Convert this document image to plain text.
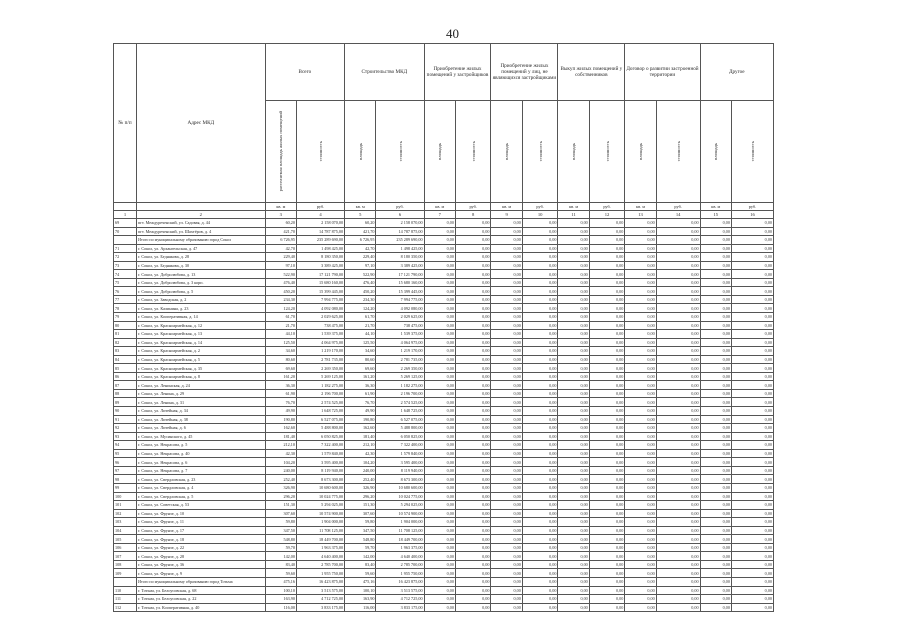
40
№ п/п	Адрес МКД	Всего		Строительство МКД		Приобретение жилых помещений у застройщиков		Приобретение жилых помещений у лиц, не являющихся застройщиками		Выкуп жилых помещений у собственников		Договор о развитии застроенной территории		Другое	

		расселяемая площадь жилых помещений	стоимость	площадь	стоимость	площадь	стоимость	площадь	стоимость	площадь	стоимость	площадь	стоимость	площадь	стоимость

		кв. м	руб.	кв. м	руб.	кв. м	руб.	кв. м	руб.	кв. м	руб.	кв. м	руб.	кв. м	руб.
1	2	3	4	5	6	7	8	9	10	11	12	13	14	15	16
69	пгт. Междуреченский, ул. Садовая, д. 44	60,20	2 158 070,00	60,20	2 158 070,00	0,00	0,00	0,00	0,00	0,00	0,00	0,00	0,00	0,00	0,00
70	пгт. Междуреченский, ул. Шахтёров, д. 4	421,70	14 787 875,00	421,70	14 787 875,00	0,00	0,00	0,00	0,00	0,00	0,00	0,00	0,00	0,00	0,00
	Итого по муниципальному образованию город Сокол	6 726,95	235 289 690,00	6 726,95	235 289 690,00	0,00	0,00	0,00	0,00	0,00	0,00	0,00	0,00	0,00	0,00
71	г. Сокол, ул. Архангельская, д. 47	42,70	1 498 425,00	42,70	1 498 425,00	0,00	0,00	0,00	0,00	0,00	0,00	0,00	0,00	0,00	0,00
72	г. Сокол, ул. Беднякова, д. 28	229,40	8 180 350,00	229,40	8 180 350,00	0,00	0,00	0,00	0,00	0,00	0,00	0,00	0,00	0,00	0,00
73	г. Сокол, ул. Беднякова, д. 30	97,10	3 389 425,00	97,10	3 389 425,00	0,00	0,00	0,00	0,00	0,00	0,00	0,00	0,00	0,00	0,00
74	г. Сокол, ул. Добролюбова, д. 13	522,90	17 121 790,00	522,90	17 121 790,00	0,00	0,00	0,00	0,00	0,00	0,00	0,00	0,00	0,00	0,00
75	г. Сокол, ул. Добролюбова, д. 3 корп.	476,40	15 680 160,00	476,40	15 680 160,00	0,00	0,00	0,00	0,00	0,00	0,00	0,00	0,00	0,00	0,00
76	г. Сокол, ул. Добролюбова, д. 5	450,20	15 399 445,00	450,20	15 399 445,00	0,00	0,00	0,00	0,00	0,00	0,00	0,00	0,00	0,00	0,00
77	г. Сокол, ул. Заводская, д. 2	234,30	7 994 775,00	234,30	7 994 775,00	0,00	0,00	0,00	0,00	0,00	0,00	0,00	0,00	0,00	0,00
78	г. Сокол, ул. Калинина, д. 23	124,20	4 092 080,00	124,20	4 092 080,00	0,00	0,00	0,00	0,00	0,00	0,00	0,00	0,00	0,00	0,00
79	г. Сокол, ул. Кооперативная, д. 14	61,70	2 029 625,00	61,70	2 029 625,00	0,00	0,00	0,00	0,00	0,00	0,00	0,00	0,00	0,00	0,00
80	г. Сокол, ул. Красноармейская, д. 12	21,70	738 475,00	21,70	738 475,00	0,00	0,00	0,00	0,00	0,00	0,00	0,00	0,00	0,00	0,00
81	г. Сокол, ул. Красноармейская, д. 13	44,10	1 539 375,00	44,10	1 539 375,00	0,00	0,00	0,00	0,00	0,00	0,00	0,00	0,00	0,00	0,00
82	г. Сокол, ул. Красноармейская, д. 14	125,50	4 064 975,00	125,50	4 064 975,00	0,00	0,00	0,00	0,00	0,00	0,00	0,00	0,00	0,00	0,00
83	г. Сокол, ул. Красноармейская, д. 2	34,60	1 219 170,00	34,60	1 219 170,00	0,00	0,00	0,00	0,00	0,00	0,00	0,00	0,00	0,00	0,00
84	г. Сокол, ул. Красноармейская, д. 5	80,60	2 781 735,00	80,60	2 781 735,00	0,00	0,00	0,00	0,00	0,00	0,00	0,00	0,00	0,00	0,00
85	г. Сокол, ул. Красноармейская, д. 35	69,60	2 269 350,00	69,60	2 269 350,00	0,00	0,00	0,00	0,00	0,00	0,00	0,00	0,00	0,00	0,00
86	г. Сокол, ул. Красноармейская, д. 8	161,20	5 269 125,00	161,20	5 269 125,00	0,00	0,00	0,00	0,00	0,00	0,00	0,00	0,00	0,00	0,00
87	г. Сокол, ул. Ленинская, д. 24	36,30	1 182 275,00	36,30	1 182 275,00	0,00	0,00	0,00	0,00	0,00	0,00	0,00	0,00	0,00	0,00
88	г. Сокол, ул. Ленина, д. 29	61,90	2 196 700,00	61,90	2 196 700,00	0,00	0,00	0,00	0,00	0,00	0,00	0,00	0,00	0,00	0,00
89	г. Сокол, ул. Ленина, д. 31	76,70	2 574 525,00	76,70	2 574 525,00	0,00	0,00	0,00	0,00	0,00	0,00	0,00	0,00	0,00	0,00
90	г. Сокол, ул. Литейная, д. 34	49,90	1 648 725,00	49,90	1 648 725,00	0,00	0,00	0,00	0,00	0,00	0,00	0,00	0,00	0,00	0,00
91	г. Сокол, ул. Литейная, д. 38	190,80	6 527 075,00	190,80	6 527 075,00	0,00	0,00	0,00	0,00	0,00	0,00	0,00	0,00	0,00	0,00
92	г. Сокол, ул. Литейная, д. 6	162,60	5 488 800,00	162,60	5 488 800,00	0,00	0,00	0,00	0,00	0,00	0,00	0,00	0,00	0,00	0,00
93	г. Сокол, ул. Мусинского, д. 45	181,40	6 050 825,00	181,40	6 050 825,00	0,00	0,00	0,00	0,00	0,00	0,00	0,00	0,00	0,00	0,00
94	г. Сокол, ул. Некрасова, д. 5	212,10	7 322 400,00	212,10	7 322 400,00	0,00	0,00	0,00	0,00	0,00	0,00	0,00	0,00	0,00	0,00
95	г. Сокол, ул. Некрасова, д. 40	42,30	1 579 840,00	42,30	1 579 840,00	0,00	0,00	0,00	0,00	0,00	0,00	0,00	0,00	0,00	0,00
96	г. Сокол, ул. Некрасова, д. 6	104,20	3 595 400,00	104,20	3 595 400,00	0,00	0,00	0,00	0,00	0,00	0,00	0,00	0,00	0,00	0,00
97	г. Сокол, ул. Некрасова, д. 7	240,00	8 119 940,00	240,00	8 119 940,00	0,00	0,00	0,00	0,00	0,00	0,00	0,00	0,00	0,00	0,00
98	г. Сокол, ул. Свердловская, д. 23	252,40	8 673 300,00	252,40	8 673 300,00	0,00	0,00	0,00	0,00	0,00	0,00	0,00	0,00	0,00	0,00
99	г. Сокол, ул. Свердловская, д. 4	326,90	10 680 600,00	326,90	10 680 600,00	0,00	0,00	0,00	0,00	0,00	0,00	0,00	0,00	0,00	0,00
100	г. Сокол, ул. Свердловская, д. 5	296,20	10 024 775,00	296,20	10 024 775,00	0,00	0,00	0,00	0,00	0,00	0,00	0,00	0,00	0,00	0,00
101	г. Сокол, ул. Советская, д. 53	151,30	5 294 025,00	151,30	5 294 025,00	0,00	0,00	0,00	0,00	0,00	0,00	0,00	0,00	0,00	0,00
102	г. Сокол, ул. Фрунзе, д. 10	307,60	10 574 900,00	307,60	10 574 900,00	0,00	0,00	0,00	0,00	0,00	0,00	0,00	0,00	0,00	0,00
103	г. Сокол, ул. Фрунзе, д. 11	59,80	1 904 000,00	59,80	1 904 000,00	0,00	0,00	0,00	0,00	0,00	0,00	0,00	0,00	0,00	0,00
104	г. Сокол, ул. Фрунзе, д. 17	347,50	11 708 125,00	347,50	11 708 125,00	0,00	0,00	0,00	0,00	0,00	0,00	0,00	0,00	0,00	0,00
105	г. Сокол, ул. Фрунзе, д. 18	548,80	18 449 700,00	548,80	18 449 700,00	0,00	0,00	0,00	0,00	0,00	0,00	0,00	0,00	0,00	0,00
106	г. Сокол, ул. Фрунзе, д. 22	59,70	1 963 375,00	59,70	1 963 375,00	0,00	0,00	0,00	0,00	0,00	0,00	0,00	0,00	0,00	0,00
107	г. Сокол, ул. Фрунзе, д. 28	142,00	4 640 400,00	142,00	4 640 400,00	0,00	0,00	0,00	0,00	0,00	0,00	0,00	0,00	0,00	0,00
108	г. Сокол, ул. Фрунзе, д. 36	83,40	2 785 700,00	83,40	2 785 700,00	0,00	0,00	0,00	0,00	0,00	0,00	0,00	0,00	0,00	0,00
109	г. Сокол, ул. Фрунзе, д. 9	59,60	1 955 750,00	59,60	1 955 750,00	0,00	0,00	0,00	0,00	0,00	0,00	0,00	0,00	0,00	0,00
	Итого по муниципальному образованию город Тотьма	475,16	16 423 875,00	475,16	16 423 875,00	0,00	0,00	0,00	0,00	0,00	0,00	0,00	0,00	0,00	0,00
110	г. Тотьма, ул. Белоусовская, д. 68	100,10	3 513 575,00	100,10	3 513 575,00	0,00	0,00	0,00	0,00	0,00	0,00	0,00	0,00	0,00	0,00
111	г. Тотьма, ул. Белоусовская, д. 22	163,90	4 712 725,00	163,90	4 712 725,00	0,00	0,00	0,00	0,00	0,00	0,00	0,00	0,00	0,00	0,00
112	г. Тотьма, ул. Кооперативная, д. 40	116,00	3 833 175,00	116,00	3 833 175,00	0,00	0,00	0,00	0,00	0,00	0,00	0,00	0,00	0,00	0,00
